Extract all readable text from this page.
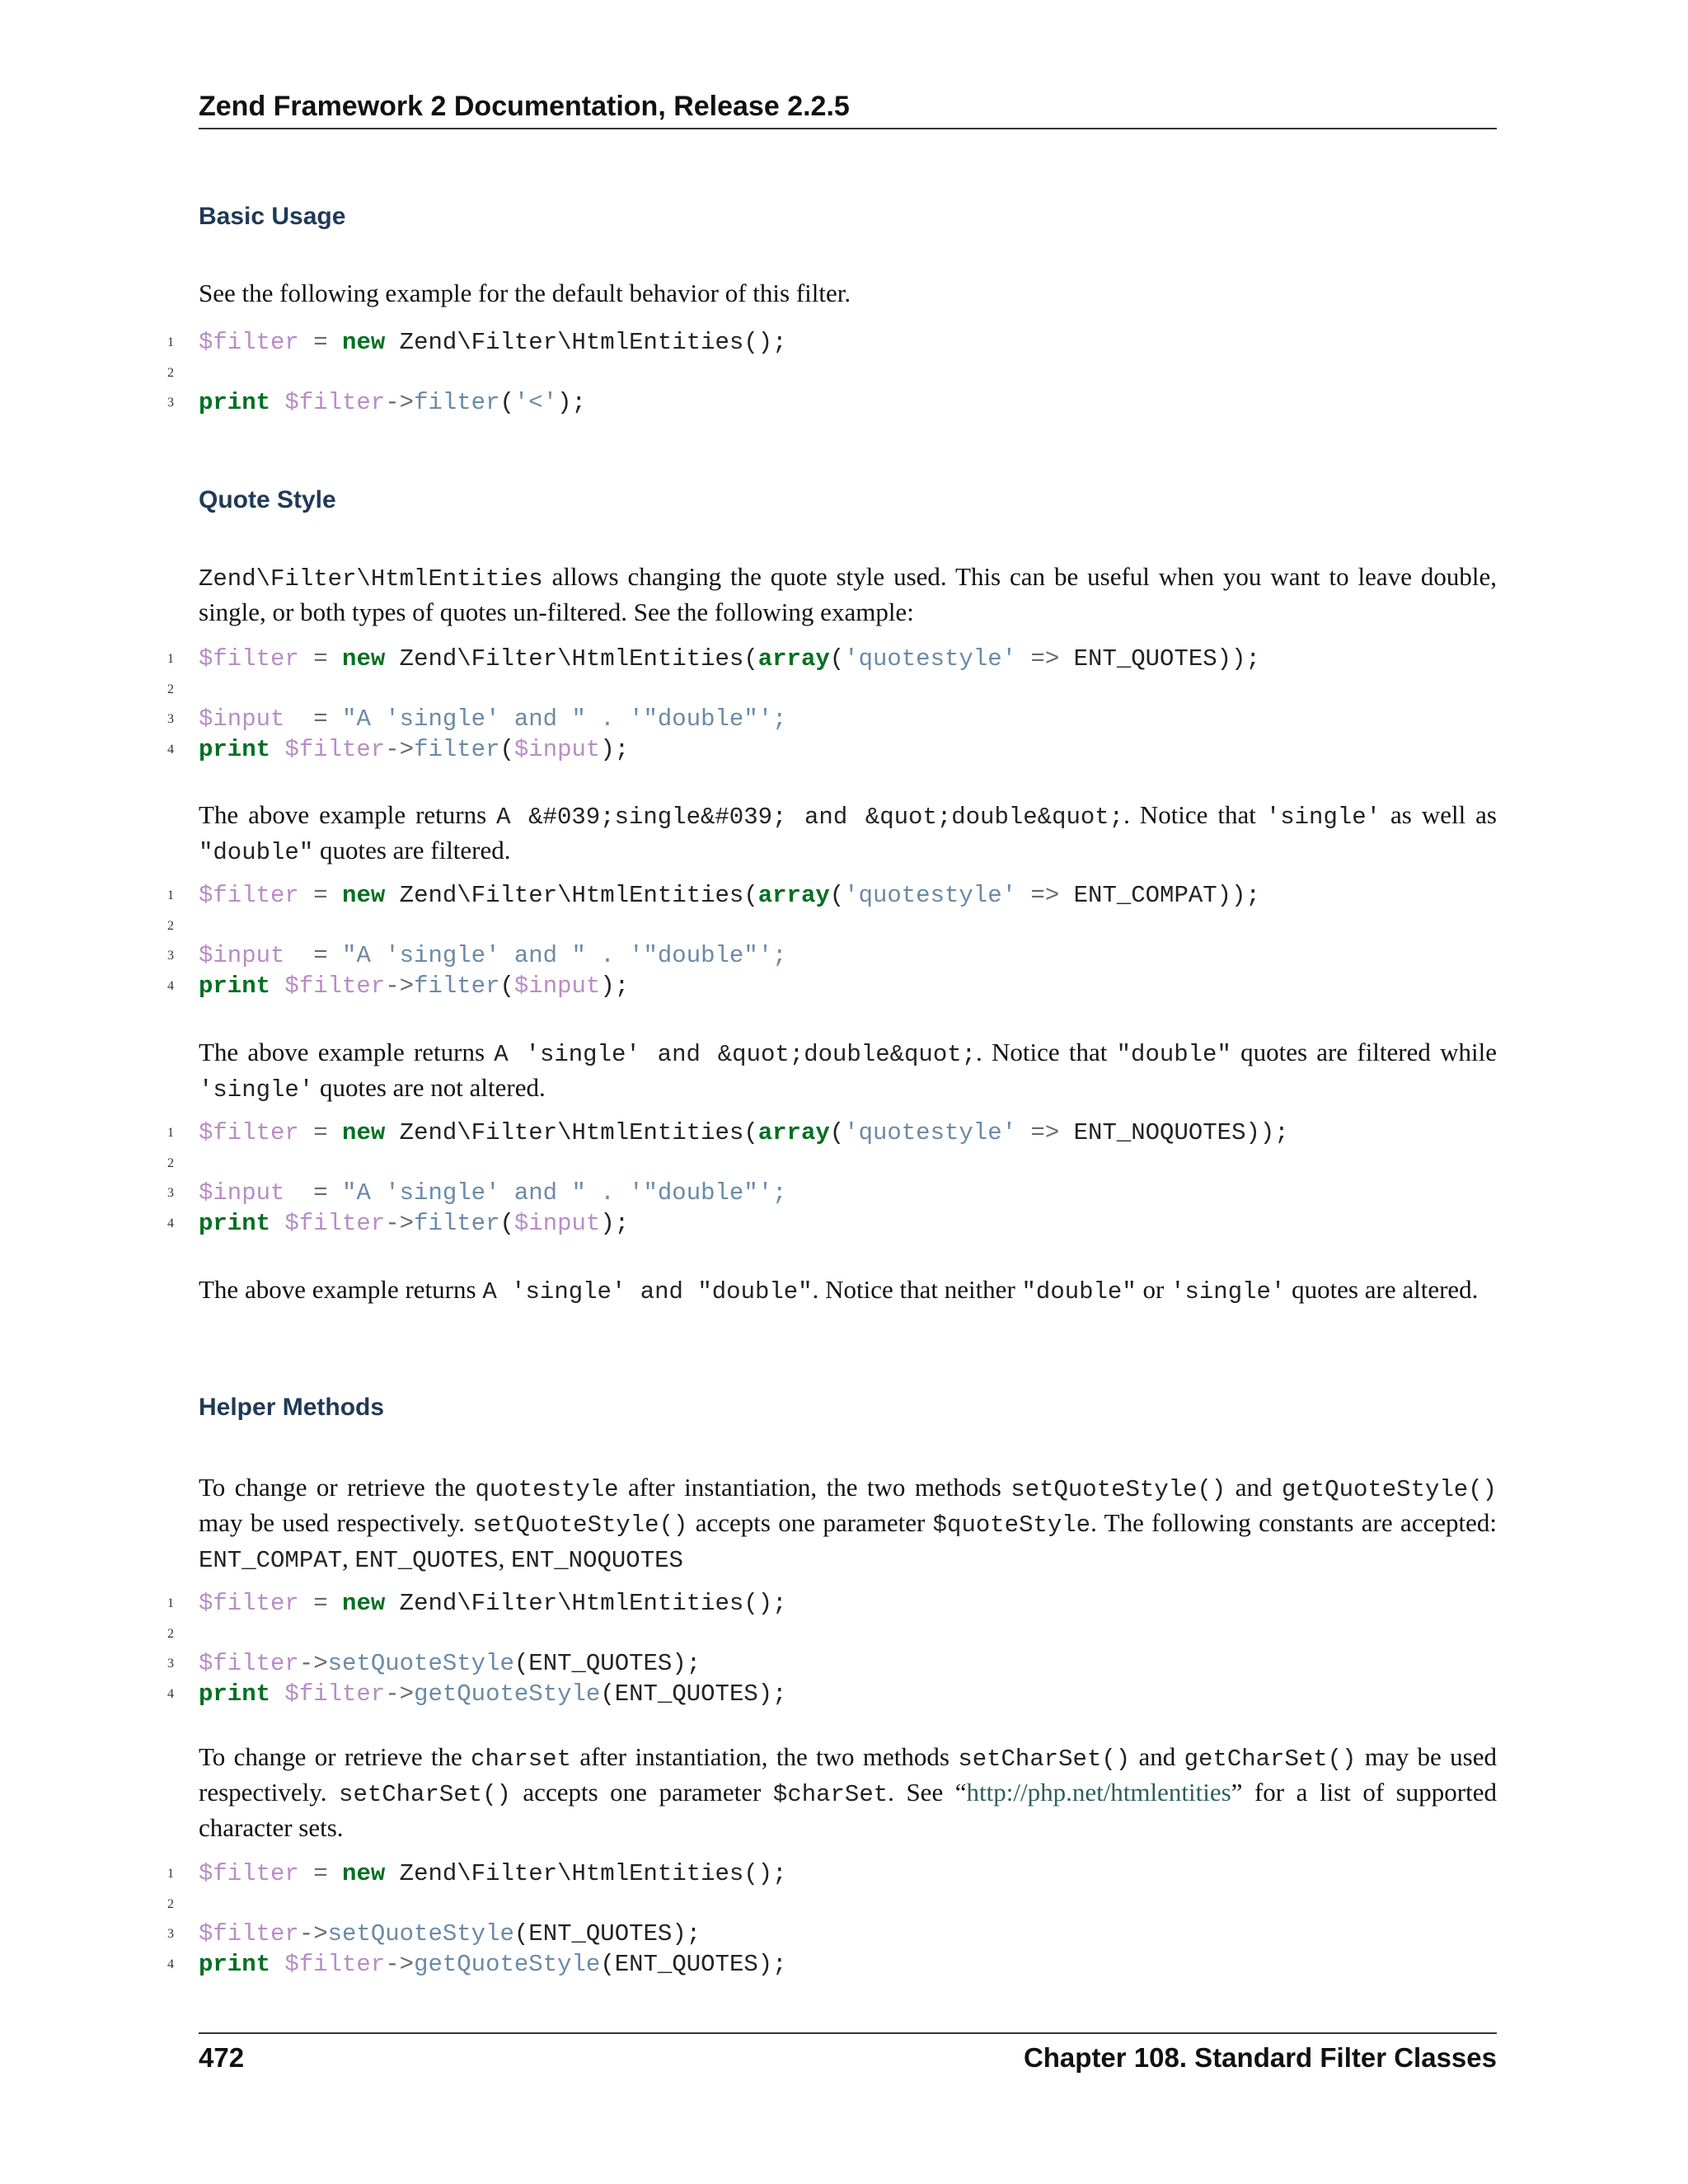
Zend Framework 2 Documentation, Release 2.2.5
Basic Usage

See the following example for the default behavior of this filter.

1 $filter = new Zend\Filter\HtmlEntities();
2
3 print $filter->filter('<');
Quote Style

Zend\Filter\HtmlEntities allows changing the quote style used. This can be useful when you want to leave double, single, or both types of quotes un-filtered. See the following example:

1 $filter = new Zend\Filter\HtmlEntities(array('quotestyle' => ENT_QUOTES));
2
3 $input  = "A 'single' and " . '"double"';
4 print $filter->filter($input);

The above example returns A &#039;single&#039; and &quot;double&quot;. Notice that 'single' as well as "double" quotes are filtered.

1 $filter = new Zend\Filter\HtmlEntities(array('quotestyle' => ENT_COMPAT));
2
3 $input  = "A 'single' and " . '"double"';
4 print $filter->filter($input);

The above example returns A 'single' and &quot;double&quot;. Notice that "double" quotes are filtered while 'single' quotes are not altered.

1 $filter = new Zend\Filter\HtmlEntities(array('quotestyle' => ENT_NOQUOTES));
2
3 $input  = "A 'single' and " . '"double"';
4 print $filter->filter($input);

The above example returns A 'single' and "double". Notice that neither "double" or 'single' quotes are altered.

Helper Methods

To change or retrieve the quotestyle after instantiation, the two methods setQuoteStyle() and getQuoteStyle() may be used respectively. setQuoteStyle() accepts one parameter $quoteStyle. The following constants are accepted: ENT_COMPAT, ENT_QUOTES, ENT_NOQUOTES

1 $filter = new Zend\Filter\HtmlEntities();
2
3 $filter->setQuoteStyle(ENT_QUOTES);
4 print $filter->getQuoteStyle(ENT_QUOTES);

To change or retrieve the charset after instantiation, the two methods setCharSet() and getCharSet() may be used respectively. setCharSet() accepts one parameter $charSet. See “http://php.net/htmlentities” for a list of supported character sets.

1 $filter = new Zend\Filter\HtmlEntities();
2
3 $filter->setQuoteStyle(ENT_QUOTES);
4 print $filter->getQuoteStyle(ENT_QUOTES);
472	Chapter 108. Standard Filter Classes
